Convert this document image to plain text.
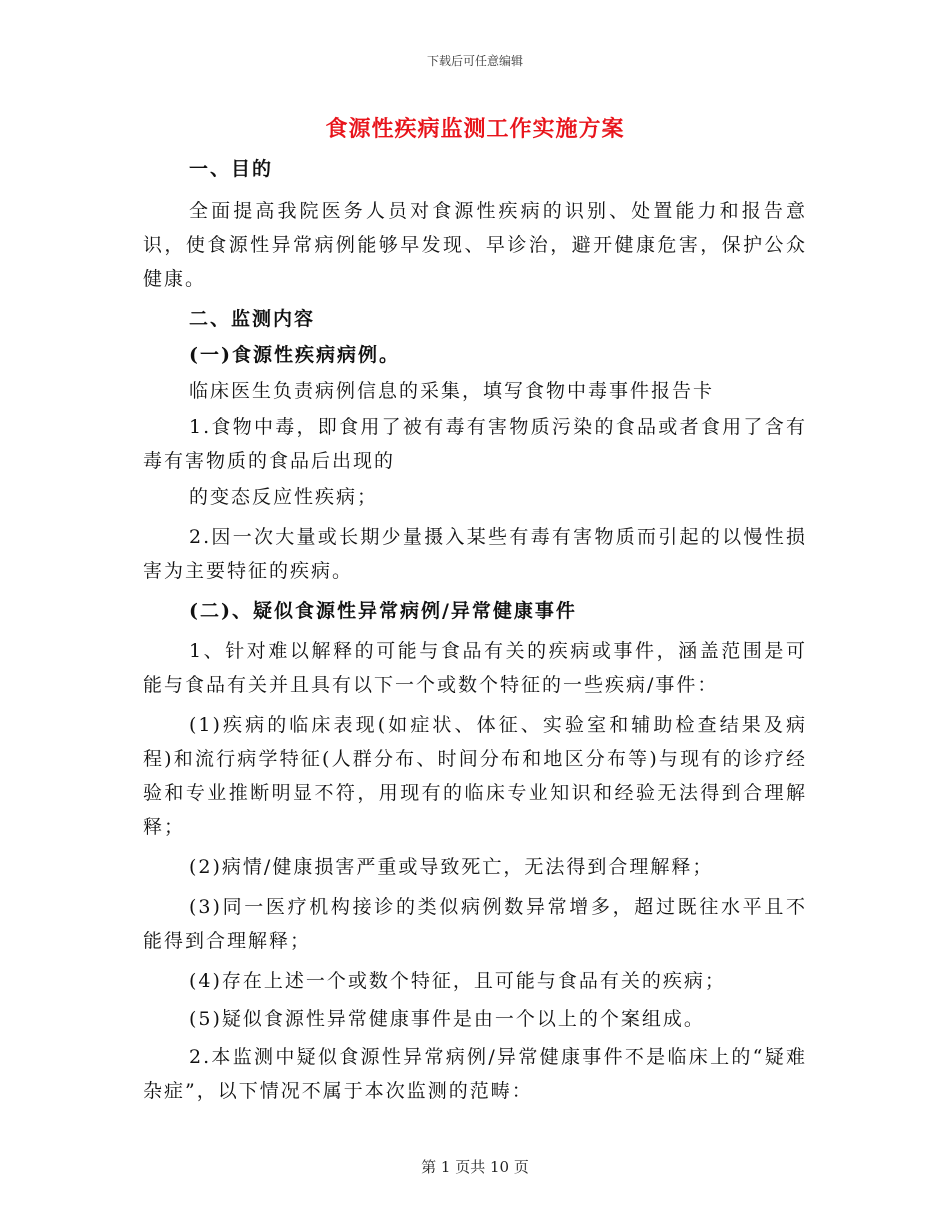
下载后可任意编辑
食源性疾病监测工作实施方案

一、目的

全面提高我院医务人员对食源性疾病的识别、处置能力和报告意识，使食源性异常病例能够早发现、早诊治，避开健康危害，保护公众健康。

二、监测内容

(一)食源性疾病病例。

临床医生负责病例信息的采集，填写食物中毒事件报告卡

1.食物中毒，即食用了被有毒有害物质污染的食品或者食用了含有毒有害物质的食品后出现的

的变态反应性疾病；

2.因一次大量或长期少量摄入某些有毒有害物质而引起的以慢性损害为主要特征的疾病。

(二)、疑似食源性异常病例/异常健康事件

1、针对难以解释的可能与食品有关的疾病或事件，涵盖范围是可能与食品有关并且具有以下一个或数个特征的一些疾病/事件：

(1)疾病的临床表现(如症状、体征、实验室和辅助检查结果及病程)和流行病学特征(人群分布、时间分布和地区分布等)与现有的诊疗经验和专业推断明显不符，用现有的临床专业知识和经验无法得到合理解释；

(2)病情/健康损害严重或导致死亡，无法得到合理解释；

(3)同一医疗机构接诊的类似病例数异常增多，超过既往水平且不能得到合理解释；

(4)存在上述一个或数个特征，且可能与食品有关的疾病；

(5)疑似食源性异常健康事件是由一个以上的个案组成。

2.本监测中疑似食源性异常病例/异常健康事件不是临床上的“疑难杂症”，以下情况不属于本次监测的范畴：

第 1 页共 10 页
